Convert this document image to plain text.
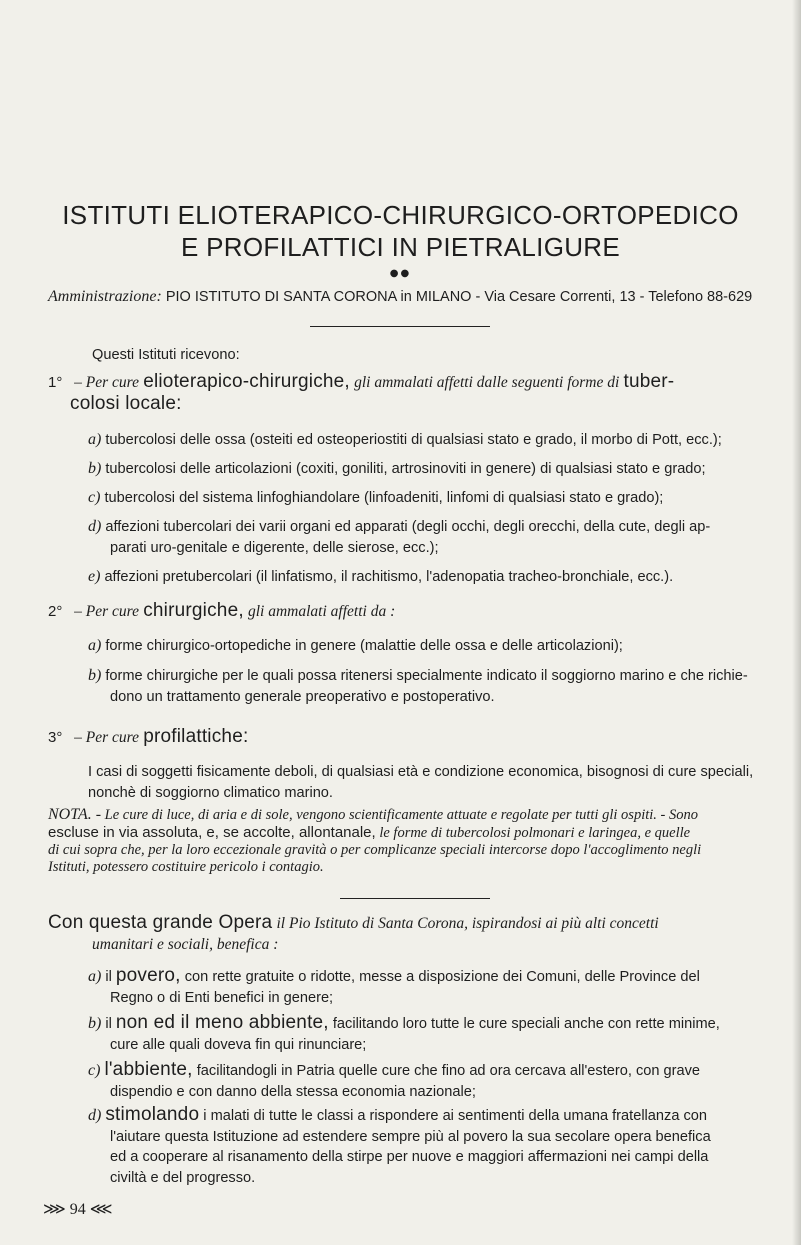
ISTITUTI ELIOTERAPICO-CHIRURGICO-ORTOPEDICO
E PROFILATTICI IN PIETRALIGURE
●●
Amministrazione: PIO ISTITUTO DI SANTA CORONA in MILANO - Via Cesare Correnti, 13 - Telefono 88-629
Questi Istituti ricevono:
1° – Per cure elioterapico-chirurgiche, gli ammalati affetti dalle seguenti forme di tuber-
colosi locale:
a) tubercolosi delle ossa (osteiti ed osteoperiostiti di qualsiasi stato e grado, il morbo di Pott, ecc.);
b) tubercolosi delle articolazioni (coxiti, goniliti, artrosinoviti in genere) di qualsiasi stato e grado;
c) tubercolosi del sistema linfoghiandolare (linfoadeniti, linfomi di qualsiasi stato e grado);
d) affezioni tubercolari dei varii organi ed apparati (degli occhi, degli orecchi, della cute, degli ap-
parati uro-genitale e digerente, delle sierose, ecc.);
e) affezioni pretubercolari (il linfatismo, il rachitismo, l'adenopatia tracheo-bronchiale, ecc.).
2° – Per cure chirurgiche, gli ammalati affetti da :
a) forme chirurgico-ortopediche in genere (malattie delle ossa e delle articolazioni);
b) forme chirurgiche per le quali possa ritenersi specialmente indicato il soggiorno marino e che richie-
dono un trattamento generale preoperativo e postoperativo.
3° – Per cure profilattiche:
I casi di soggetti fisicamente deboli, di qualsiasi età e condizione economica, bisognosi di cure speciali,
nonchè di soggiorno climatico marino.
NOTA. - Le cure di luce, di aria e di sole, vengono scientificamente attuate e regolate per tutti gli ospiti. - Sono
escluse in via assoluta, e, se accolte, allontanale, le forme di tubercolosi polmonari e laringea, e quelle
di cui sopra che, per la loro eccezionale gravità o per complicanze speciali intercorse dopo l'accoglimento negli
Istituti, potessero costituire pericolo i contagio.
Con questa grande Opera il Pio Istituto di Santa Corona, ispirandosi ai più alti concetti
umanitari e sociali, benefica :
a) il povero, con rette gratuite o ridotte, messe a disposizione dei Comuni, delle Province del
Regno o di Enti benefici in genere;
b) il non ed il meno abbiente, facilitando loro tutte le cure speciali anche con rette minime,
cure alle quali doveva fin qui rinunciare;
c) l'abbiente, facilitandogli in Patria quelle cure che fino ad ora cercava all'estero, con grave
dispendio e con danno della stessa economia nazionale;
d) stimolando i malati di tutte le classi a rispondere ai sentimenti della umana fratellanza con
l'aiutare questa Istituzione ad estendere sempre più al povero la sua secolare opera benefica
ed a cooperare al risanamento della stirpe per nuove e maggiori affermazioni nei campi della
civiltà e del progresso.
⋙ 94 ⋘
